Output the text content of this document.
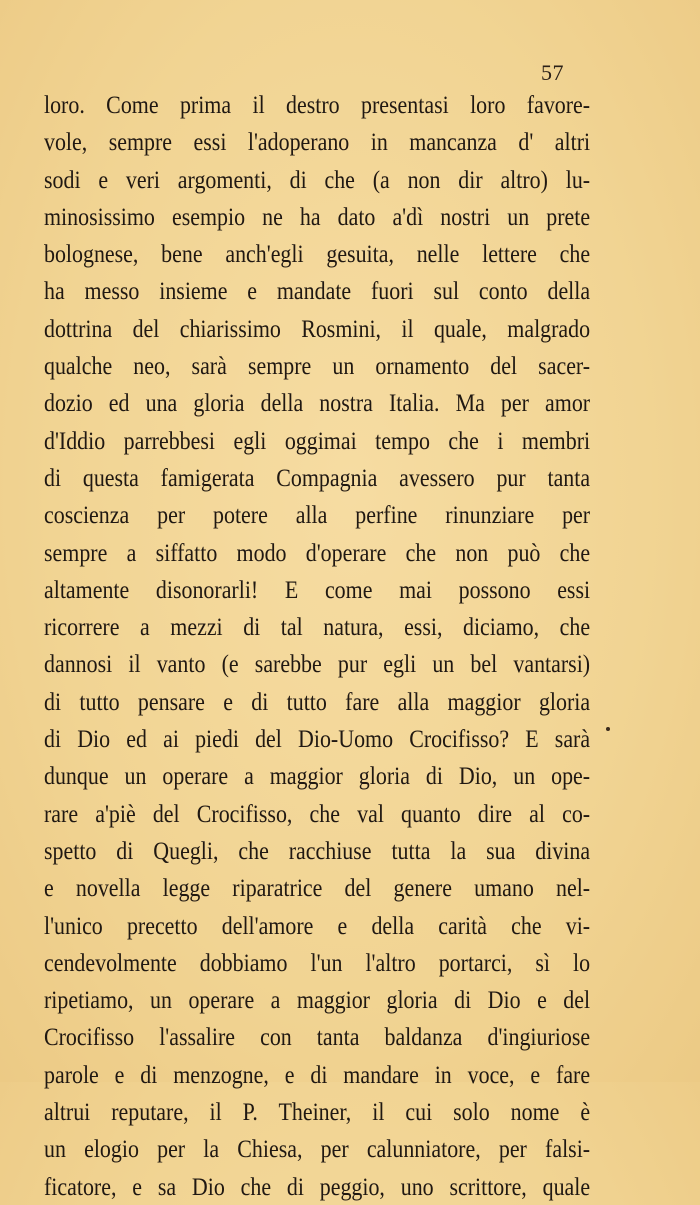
57
loro. Come prima il destro presentasi loro favore-
vole, sempre essi l'adoperano in mancanza d' altri
sodi e veri argomenti, di che (a non dir altro) lu-
minosissimo esempio ne ha dato a'dì nostri un prete
bolognese, bene anch'egli gesuita, nelle lettere che
ha messo insieme e mandate fuori sul conto della
dottrina del chiarissimo Rosmini, il quale, malgrado
qualche neo, sarà sempre un ornamento del sacer-
dozio ed una gloria della nostra Italia. Ma per amor
d'Iddio parrebbesi egli oggimai tempo che i membri
di questa famigerata Compagnia avessero pur tanta
coscienza per potere alla perfine rinunziare per
sempre a siffatto modo d'operare che non può che
altamente disonorarli! E come mai possono essi
ricorrere a mezzi di tal natura, essi, diciamo, che
dannosi il vanto (e sarebbe pur egli un bel vantarsi)
di tutto pensare e di tutto fare alla maggior gloria
di Dio ed ai piedi del Dio-Uomo Crocifisso? E sarà
dunque un operare a maggior gloria di Dio, un ope-
rare a'piè del Crocifisso, che val quanto dire al co-
spetto di Quegli, che racchiuse tutta la sua divina
e novella legge riparatrice del genere umano nel-
l'unico precetto dell'amore e della carità che vi-
cendevolmente dobbiamo l'un l'altro portarci, sì lo
ripetiamo, un operare a maggior gloria di Dio e del
Crocifisso l'assalire con tanta baldanza d'ingiuriose
parole e di menzogne, e di mandare in voce, e fare
altrui reputare, il P. Theiner, il cui solo nome è
un elogio per la Chiesa, per calunniatore, per falsi-
ficatore, e sa Dio che di peggio, uno scrittore, quale
